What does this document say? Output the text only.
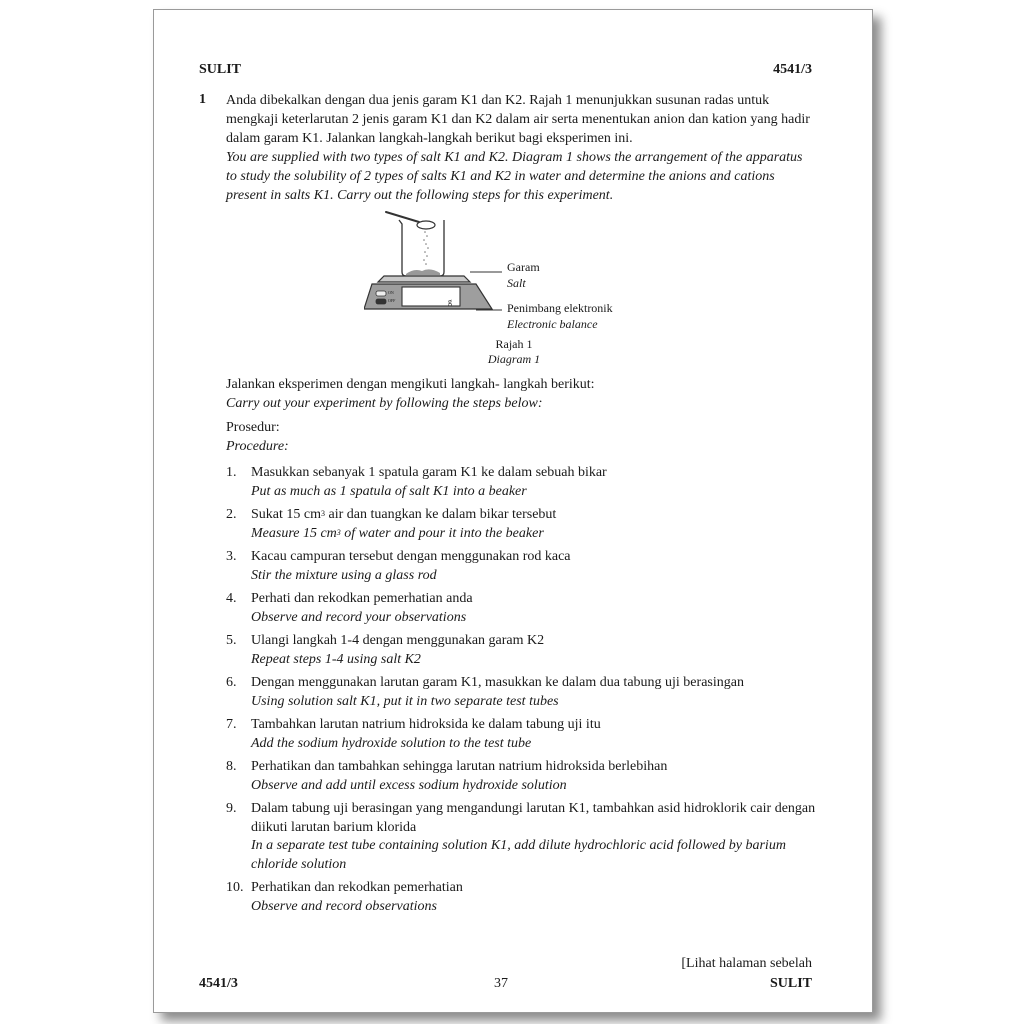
SULIT	4541/3
1 Anda dibekalkan dengan dua jenis garam K1 dan K2. Rajah 1 menunjukkan susunan radas untuk mengkaji keterlarutan 2 jenis garam K1 dan K2 dalam air serta menentukan anion dan kation yang hadir dalam garam K1. Jalankan langkah-langkah berikut bagi eksperimen ini.

You are supplied with two types of salt K1 and K2. Diagram 1 shows the arrangement of the apparatus to study the solubility of 2 types of salts K1 and K2 in water and determine the anions and cations present in salts K1. Carry out the following steps for this experiment.

g
ON
OFF
Garam
Salt
Penimbang elektronik
Electronic balance
Rajah 1
Diagram 1

Jalankan eksperimen dengan mengikuti langkah- langkah berikut:

Carry out your experiment by following the steps below:

Prosedur:

Procedure:

1. Masukkan sebanyak 1 spatula garam K1 ke dalam sebuah bikar
Put as much as 1 spatula of salt K1 into a beaker
2. Sukat 15 $cm^3$ air dan tuangkan ke dalam bikar tersebut
Measure 15 $cm^3$ of water and pour it into the beaker
3. Kacau campuran tersebut dengan menggunakan rod kaca
Stir the mixture using a glass rod
4. Perhati dan rekodkan pemerhatian anda
Observe and record your observations
5. Ulangi langkah 1-4 dengan menggunakan garam K2
Repeat steps 1-4 using salt K2
6. Dengan menggunakan larutan garam K1, masukkan ke dalam dua tabung uji berasingan
Using solution salt K1, put it in two separate test tubes
7. Tambahkan larutan natrium hidroksida ke dalam tabung uji itu
Add the sodium hydroxide solution to the test tube
8. Perhatikan dan tambahkan sehingga larutan natrium hidroksida berlebihan
Observe and add until excess sodium hydroxide solution
9. Dalam tabung uji berasingan yang mengandungi larutan K1, tambahkan asid hidroklorik cair dengan diikuti larutan barium klorida
In a separate test tube containing solution K1, add dilute hydrochloric acid followed by barium chloride solution
10. Perhatikan dan rekodkan pemerhatian
Observe and record observations
[Lihat halaman sebelah
4541/3	37	SULIT
